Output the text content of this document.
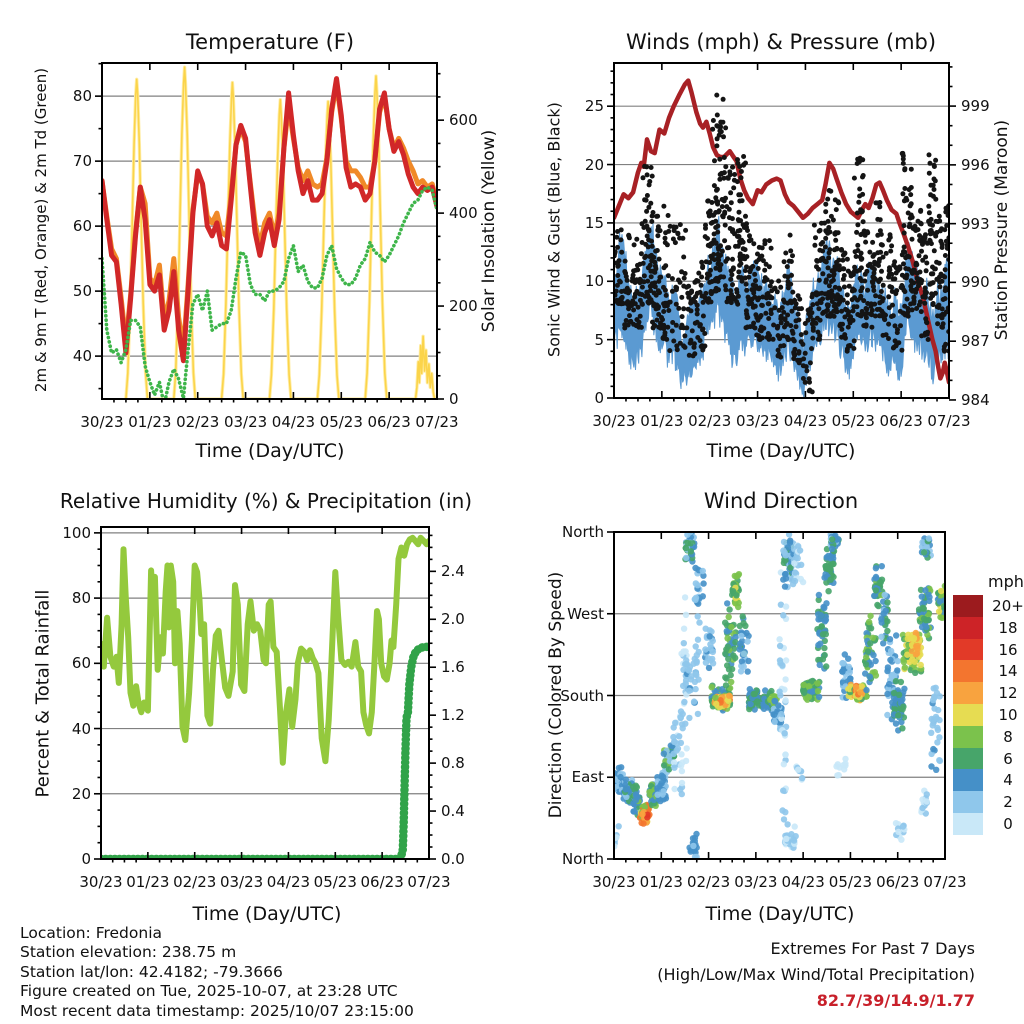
Temperature (F)	Winds (mph) & Pressure (mb)
Relative Humidity (%) & Precipitation (in)	Wind Direction
Time (Day/UTC)	Time (Day/UTC)
Time (Day/UTC)	Time (Day/UTC)
2m & 9m T (Red, Orange) & 2m Td (Green)	Solar Insolation (Yellow)	Sonic Wind & Gust (Blue, Black)	Station Pressure (Maroon)
Percent & Total Rainfall	Direction (Colored By Speed)	mph
Location: Fredonia
Station elevation: 238.75 m
Station lat/lon: 42.4182; -79.3666
Figure created on Tue, 2025-10-07, at 23:28 UTC
Most recent data timestamp: 2025/10/07 23:15:00
Extremes For Past 7 Days
(High/Low/Max Wind/Total Precipitation)
82.7/39/14.9/1.77
30/23 01/23 02/23 03/23 04/23 05/23 06/23 07/23
40
50
60
70
80
0
200
400
600
30/23 01/23 02/23 03/23 04/23 05/23 06/23 07/23
0
5
10
15
20
25
984
987
990
993
996
999
30/23 01/23 02/23 03/23 04/23 05/23 06/23 07/23
0
20
40
60
80
100
0.0
0.4
0.8
1.2
1.6
2.0
2.4
30/23 01/23 02/23 03/23 04/23 05/23 06/23 07/23
North
East
South
West
North
20+
18
16
14
12
10
8
6
4
2
0
